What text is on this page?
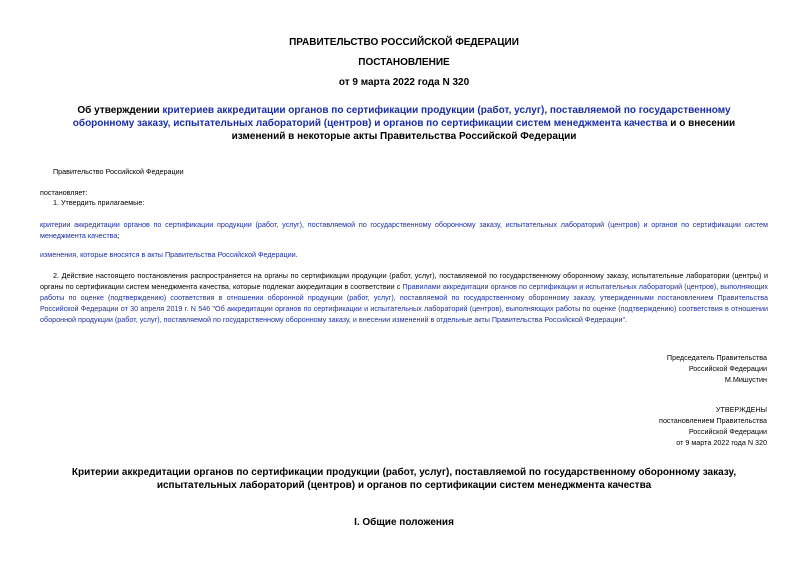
ПРАВИТЕЛЬСТВО РОССИЙСКОЙ ФЕДЕРАЦИИ
ПОСТАНОВЛЕНИЕ
от 9 марта 2022 года N 320
Об утверждении критериев аккредитации органов по сертификации продукции (работ, услуг), поставляемой по государственному оборонному заказу, испытательных лабораторий (центров) и органов по сертификации систем менеджмента качества и о внесении изменений в некоторые акты Правительства Российской Федерации
Правительство Российской Федерации
постановляет:
1. Утвердить прилагаемые:
критерии аккредитации органов по сертификации продукции (работ, услуг), поставляемой по государственному оборонному заказу, испытательных лабораторий (центров) и органов по сертификации систем менеджмента качества;
изменения, которые вносятся в акты Правительства Российской Федерации.
2. Действие настоящего постановления распространяется на органы по сертификации продукции (работ, услуг), поставляемой по государственному оборонному заказу, испытательные лаборатории (центры) и органы по сертификации систем менеджмента качества, которые подлежат аккредитации в соответствии с Правилами аккредитации органов по сертификации и испытательных лабораторий (центров), выполняющих работы по оценке (подтверждению) соответствия в отношении оборонной продукции (работ, услуг), поставляемой по государственному оборонному заказу, утвержденными постановлением Правительства Российской Федерации от 30 апреля 2019 г. N 546 "Об аккредитации органов по сертификации и испытательных лабораторий (центров), выполняющих работы по оценке (подтверждению) соответствия в отношении оборонной продукции (работ, услуг), поставляемой по государственному оборонному заказу, и внесении изменений в отдельные акты Правительства Российской Федерации".
Председатель Правительства
Российской Федерации
М.Мишустин
УТВЕРЖДЕНЫ
постановлением Правительства
Российской Федерации
от 9 марта 2022 года N 320
Критерии аккредитации органов по сертификации продукции (работ, услуг), поставляемой по государственному оборонному заказу, испытательных лабораторий (центров) и органов по сертификации систем менеджмента качества
I. Общие положения
